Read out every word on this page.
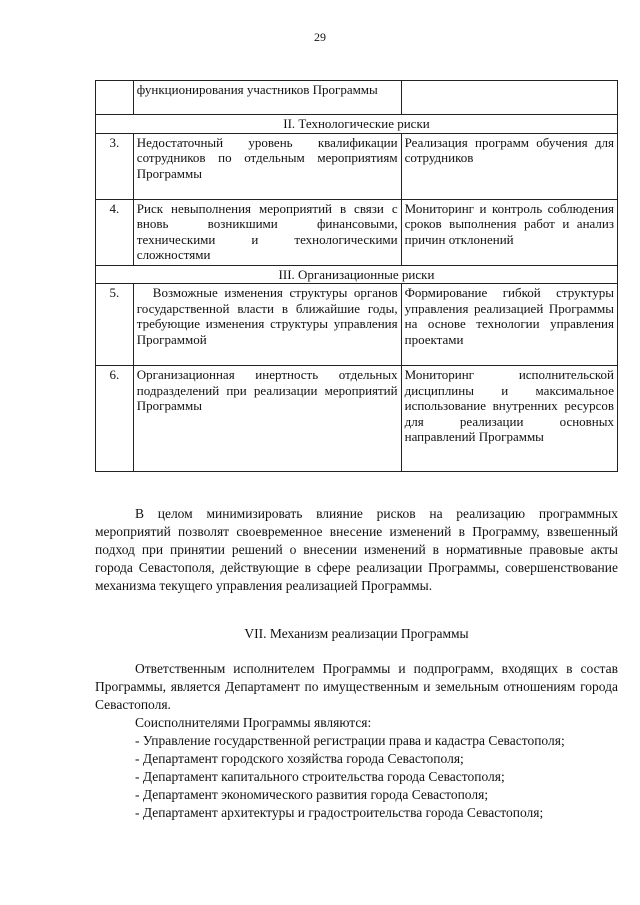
29
	функционирования участников Программы	
II. Технологические риски		
3.	Недостаточный уровень квалификации сотрудников по отдельным мероприятиям Программы	Реализация программ обучения для сотрудников
4.	Риск невыполнения мероприятий в связи с вновь возникшими финансовыми, техническими и технологическими сложностями	Мониторинг и контроль соблюдения сроков выполнения работ и анализ причин отклонений
III. Организационные риски		
5.	Возможные изменения структуры органов государственной власти в ближайшие годы, требующие изменения структуры управления Программой	Формирование гибкой структуры управления реализацией Программы на основе технологии управления проектами
6.	Организационная инертность отдельных подразделений при реализации мероприятий Программы	Мониторинг исполнительской дисциплины и максимальное использование внутренних ресурсов для реализации основных направлений Программы

В целом минимизировать влияние рисков на реализацию программных мероприятий позволят своевременное внесение изменений в Программу, взвешенный подход при принятии решений о внесении изменений в нормативные правовые акты города Севастополя, действующие в сфере реализации Программы, совершенствование механизма текущего управления реализацией Программы.

VII. Механизм реализации Программы

Ответственным исполнителем Программы и подпрограмм, входящих в состав Программы, является Департамент по имущественным и земельным отношениям города Севастополя.

Соисполнителями Программы являются:

- Управление государственной регистрации права и кадастра Севастополя;
- Департамент городского хозяйства города Севастополя;
- Департамент капитального строительства города Севастополя;
- Департамент экономического развития города Севастополя;
- Департамент архитектуры и градостроительства города Севастополя;
